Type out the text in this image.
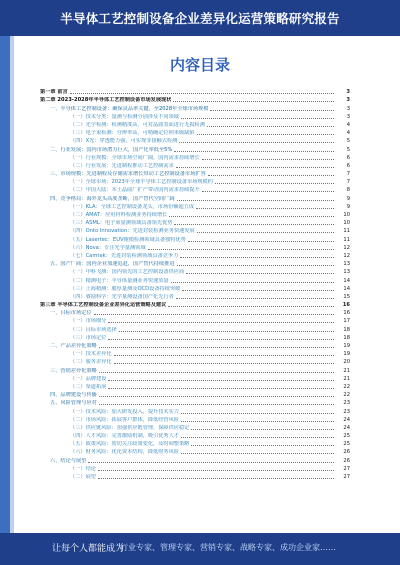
半导体工艺控制设备企业差异化运营策略研究报告
内容目录
第一章 前言	3
第二章 2023-2028年半导体工艺控制设备市场发展现状	3
一、半导体工艺控制设备：确保良品率关键，至2028年全球市场规模	3
（一）技术分类：量测与检测分别涉及不同领域	3
（二）光学检测：检测精度高，可对晶圆表面进行无损检测	4
（三）电子束检测：分辨率高，可精确定位纳米级缺陷	4
（四）X光：穿透能力强，可实现非接触式检测	5
二、行业发展：国内市场潜力巨大，国产化率低至5%	5
（一）行业规模：全球市场空间广阔，国内需求持续增长	6
（二）行业发展：先进制程推动工艺控制需求	6
三、市场规模：先进制程及存储需求增长带动工艺控制设备市场扩容	7
（一）全球市场：2023年全球半导体工艺控制设备市场规模约	7
（二）中国大陆：本土晶圆厂扩产带动国内需求持续提升	8
四、竞争格局：海外龙头高度垄断，国产替代空间广阔	9
（一）KLA：全球工艺控制设备龙头，市场份额超五成	9
（二）AMAT：应用材料检测业务持续增长	10
（三）ASML：电子束量测领域具备领先优势	10
（四）Onto Innovation：先进封装检测业务快速发展	11
（五）Lasertec：EUV掩模检测领域具备独特优势	11
（六）Nova：专注光学量测领域	12
（七）Camtek：先进封装检测领域具备竞争力	12
五、国产厂商：国内企业加速追赶，国产替代持续推进	13
（一）中科飞测：国内领先的工艺控制设备供应商	13
（二）精测电子：半导体量测业务快速放量	14
（三）上海精测：膜厚量测及OCD设备持续突破	14
（四）睿励科学：光学量测设备国产化先行者	15
第三章 半导体工艺控制设备企业差异化运营策略及建议	16
一、目标市场定位	16
（一）市场细分	17
（二）目标市场选择	18
（三）市场定位	18
二、产品差异化策略	19
（一）技术差异化	19
（二）服务差异化	20
三、营销差异化策略	21
（一）品牌建设	21
（二）渠道拓展	22
四、品牌建设与传播	22
五、风险管理与应对	23
（一）技术风险：加大研发投入，提升技术实力	23
（二）市场风险：拓展客户群体，降低经营风险	24
（三）供应链风险：加强供应链管理，保障供应稳定	24
（四）人才风险：完善激励机制，吸引优秀人才	25
（五）政策风险：密切关注政策变化，及时调整策略	25
（六）财务风险：优化资本结构，降低财务风险	26
六、结论与展望	26
（一）结论	27
（二）展望	27
让每个人都能成为
行业专家、管理专家、营销专家、战略专家、成功企业家……
